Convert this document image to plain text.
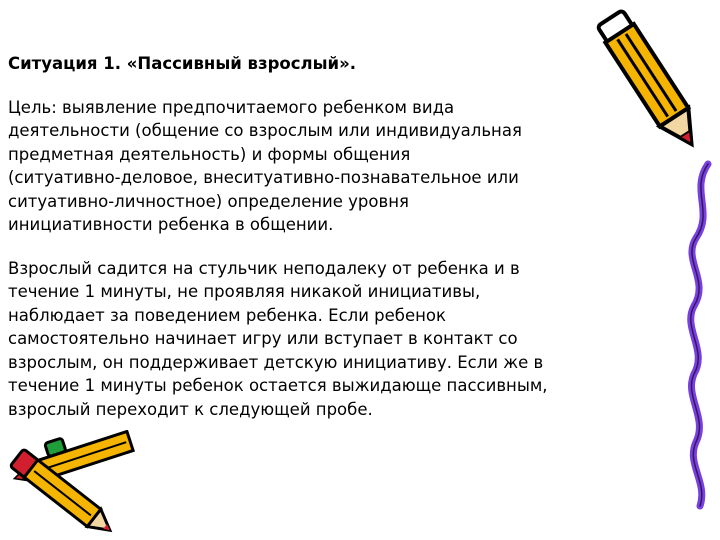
Ситуация 1. «Пассивный взрослый».

Цель: выявление предпочитаемого ребенком вида
деятельности (общение со взрослым или индивидуальная
предметная деятельность) и формы общения
(ситуативно-деловое, внеситуативно-познавательное или
ситуативно-личностное) определение уровня
инициативности ребенка в общении.

Взрослый садится на стульчик неподалеку от ребенка и в
течение 1 минуты, не проявляя никакой инициативы,
наблюдает за поведением ребенка. Если ребенок
самостоятельно начинает игру или вступает в контакт со
взрослым, он поддерживает детскую инициативу. Если же в
течение 1 минуты ребенок остается выжидающе пассивным,
взрослый переходит к следующей пробе.
